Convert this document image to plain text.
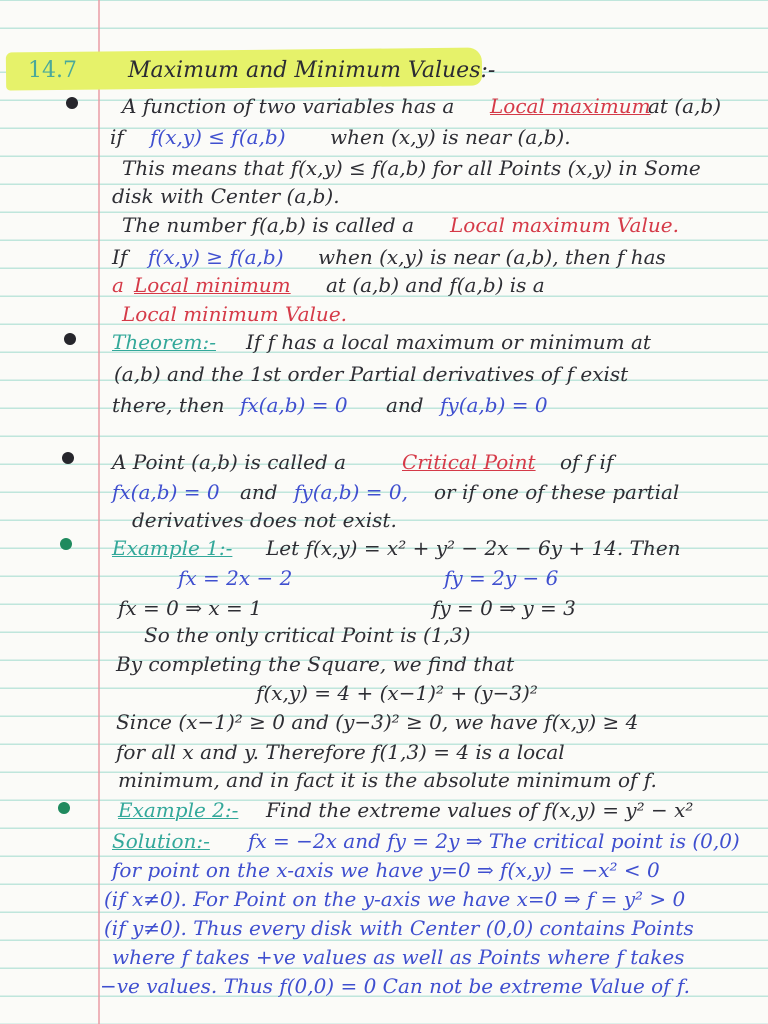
14.7 Maximum and Minimum Values:-
A function of two variables has a Local maximum
at (a,b)
if f(x,y) ≤ f(a,b) when (x,y) is near (a,b).
This means that f(x,y) ≤ f(a,b) for all Points (x,y) in Some
disk with Center (a,b).
The number f(a,b) is called a Local maximum Value.
If f(x,y) ≥ f(a,b) when (x,y) is near (a,b), then f has
a Local minimum at (a,b) and f(a,b) is a
Local minimum Value.
Theorem:- If f has a local maximum or minimum at
(a,b) and the 1st order Partial derivatives of f exist
there, then fx(a,b) = 0 and fy(a,b) = 0
A Point (a,b) is called a	Critical Point of f if
fx(a,b) = 0 and fy(a,b) = 0, or if one of these partial
derivatives does not exist.
Example 1:- Let f(x,y) = x² + y² − 2x − 6y + 14. Then
fx = 2x − 2	fy = 2y − 6
fx = 0 ⇒ x = 1	fy = 0 ⇒ y = 3
So the only critical Point is (1,3)
By completing the Square, we find that
f(x,y) = 4 + (x−1)² + (y−3)²
Since (x−1)² ≥ 0 and (y−3)² ≥ 0, we have f(x,y) ≥ 4
for all x and y. Therefore f(1,3) = 4 is a local
minimum, and in fact it is the absolute minimum of f.
Example 2:- Find the extreme values of f(x,y) = y² − x²
Solution:- fx = −2x and fy = 2y ⇒ The critical point is (0,0)
for point on the x-axis we have y=0 ⇒ f(x,y) = −x² < 0
(if x≠0). For Point on the y-axis we have x=0 ⇒ f = y² > 0
(if y≠0). Thus every disk with Center (0,0) contains Points
where f takes +ve values as well as Points where f takes
−ve values. Thus f(0,0) = 0 Can not be extreme Value of f.
